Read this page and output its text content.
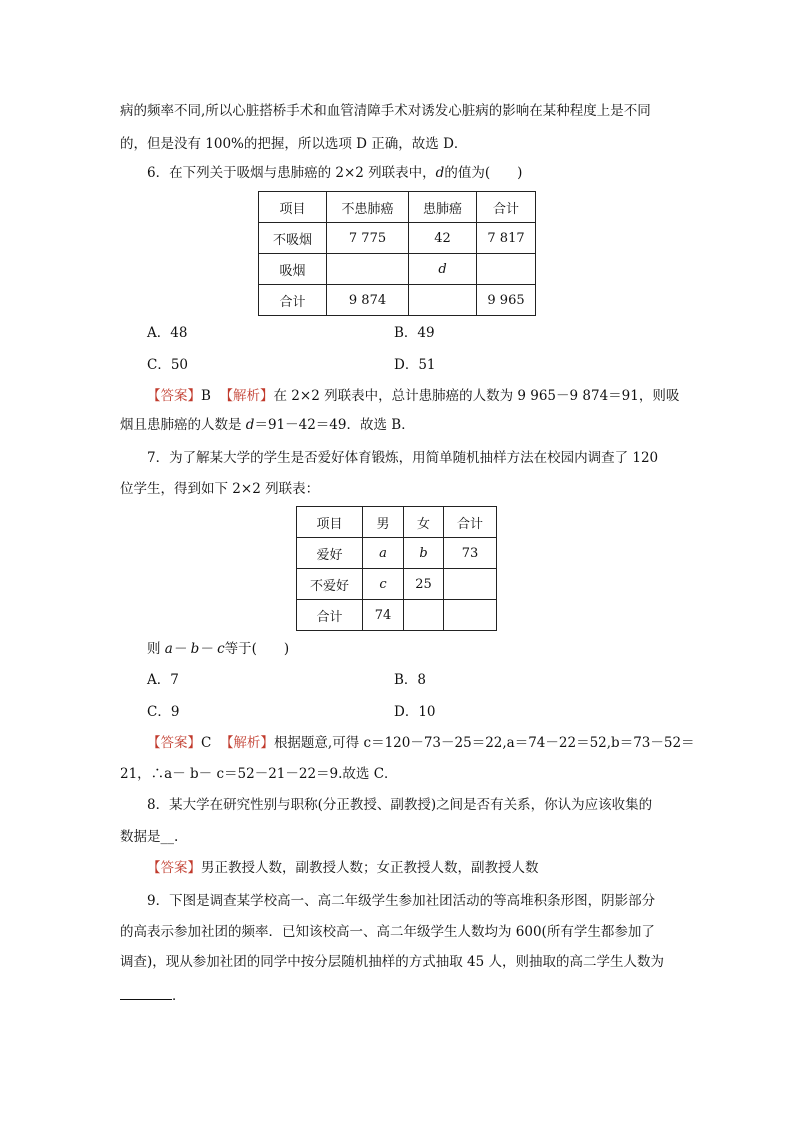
病的频率不同,所以心脏搭桥手术和血管清障手术对诱发心脏病的影响在某种程度上是不同
的，但是没有 100%的把握，所以选项 D 正确，故选 D．
6．在下列关于吸烟与患肺癌的 2×2 列联表中，d的值为(　　)
项目	不患肺癌	患肺癌	合计
不吸烟	7 775	42	7 817
吸烟		d	
合计	9 874		9 965
A．48	B．49
C．50	D．51
【答案】B 【解析】在 2×2 列联表中，总计患肺癌的人数为 9 965－9 874＝91，则吸
烟且患肺癌的人数是 d＝91－42＝49．故选 B．
7．为了解某大学的学生是否爱好体育锻炼，用简单随机抽样方法在校园内调查了 120
位学生，得到如下 2×2 列联表：
项目	男	女	合计
爱好	a	b	73
不爱好	c	25	
合计	74		
则 a－ b－ c等于(　　)
A．7	B．8
C．9	D．10
【答案】C 【解析】根据题意,可得 c＝120－73－25＝22,a＝74－22＝52,b＝73－52＝
21，∴a－ b－ c＝52－21－22＝9.故选 C．
8．某大学在研究性别与职称(分正教授、副教授)之间是否有关系，你认为应该收集的
数据是__.
【答案】男正教授人数，副教授人数；女正教授人数，副教授人数
9．下图是调查某学校高一、高二年级学生参加社团活动的等高堆积条形图，阴影部分
的高表示参加社团的频率．已知该校高一、高二年级学生人数均为 600(所有学生都参加了
调查)，现从参加社团的同学中按分层随机抽样的方式抽取 45 人，则抽取的高二学生人数为
．
